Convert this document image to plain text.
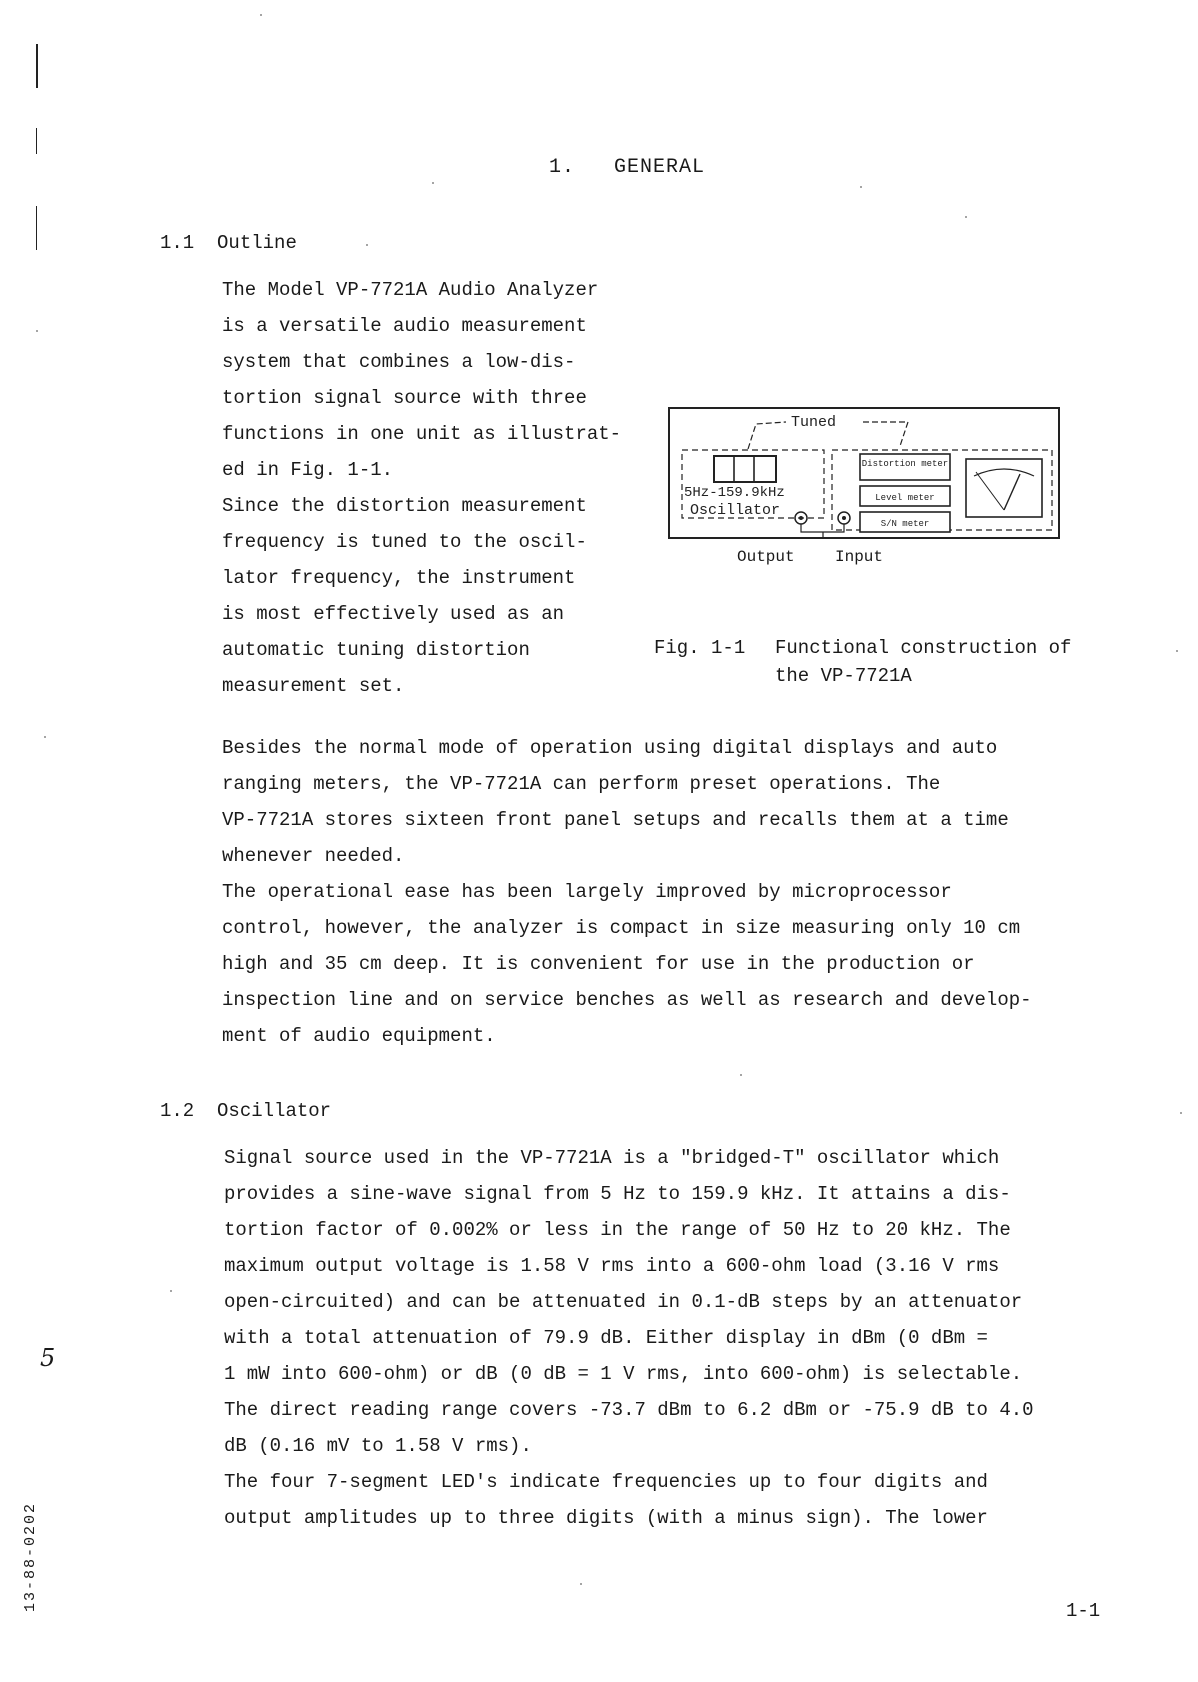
1. GENERAL
1.1 Outline
The Model VP-7721A Audio Analyzer
is a versatile audio measurement
system that combines a low-dis-
tortion signal source with three
functions in one unit as illustrat-
ed in Fig. 1-1.
Since the distortion measurement
frequency is tuned to the oscil-
lator frequency, the instrument
is most effectively used as an
automatic tuning distortion
measurement set.
Tuned
5Hz-159.9kHz
Oscillator
Distortion meter
Level meter
S/N meter
Output	Input
Fig. 1-1 Functional construction of
the VP-7721A
Besides the normal mode of operation using digital displays and auto
ranging meters, the VP-7721A can perform preset operations. The
VP-7721A stores sixteen front panel setups and recalls them at a time
whenever needed.
The operational ease has been largely improved by microprocessor
control, however, the analyzer is compact in size measuring only 10 cm
high and 35 cm deep. It is convenient for use in the production or
inspection line and on service benches as well as research and develop-
ment of audio equipment.
1.2 Oscillator
Signal source used in the VP-7721A is a "bridged-T" oscillator which
provides a sine-wave signal from 5 Hz to 159.9 kHz. It attains a dis-
tortion factor of 0.002% or less in the range of 50 Hz to 20 kHz. The
maximum output voltage is 1.58 V rms into a 600-ohm load (3.16 V rms
open-circuited) and can be attenuated in 0.1-dB steps by an attenuator
with a total attenuation of 79.9 dB. Either display in dBm (0 dBm =
1 mW into 600-ohm) or dB (0 dB = 1 V rms, into 600-ohm) is selectable.
The direct reading range covers -73.7 dBm to 6.2 dBm or -75.9 dB to 4.0
dB (0.16 mV to 1.58 V rms).
The four 7-segment LED's indicate frequencies up to four digits and
output amplitudes up to three digits (with a minus sign). The lower
5
13-88-0202	1-1
